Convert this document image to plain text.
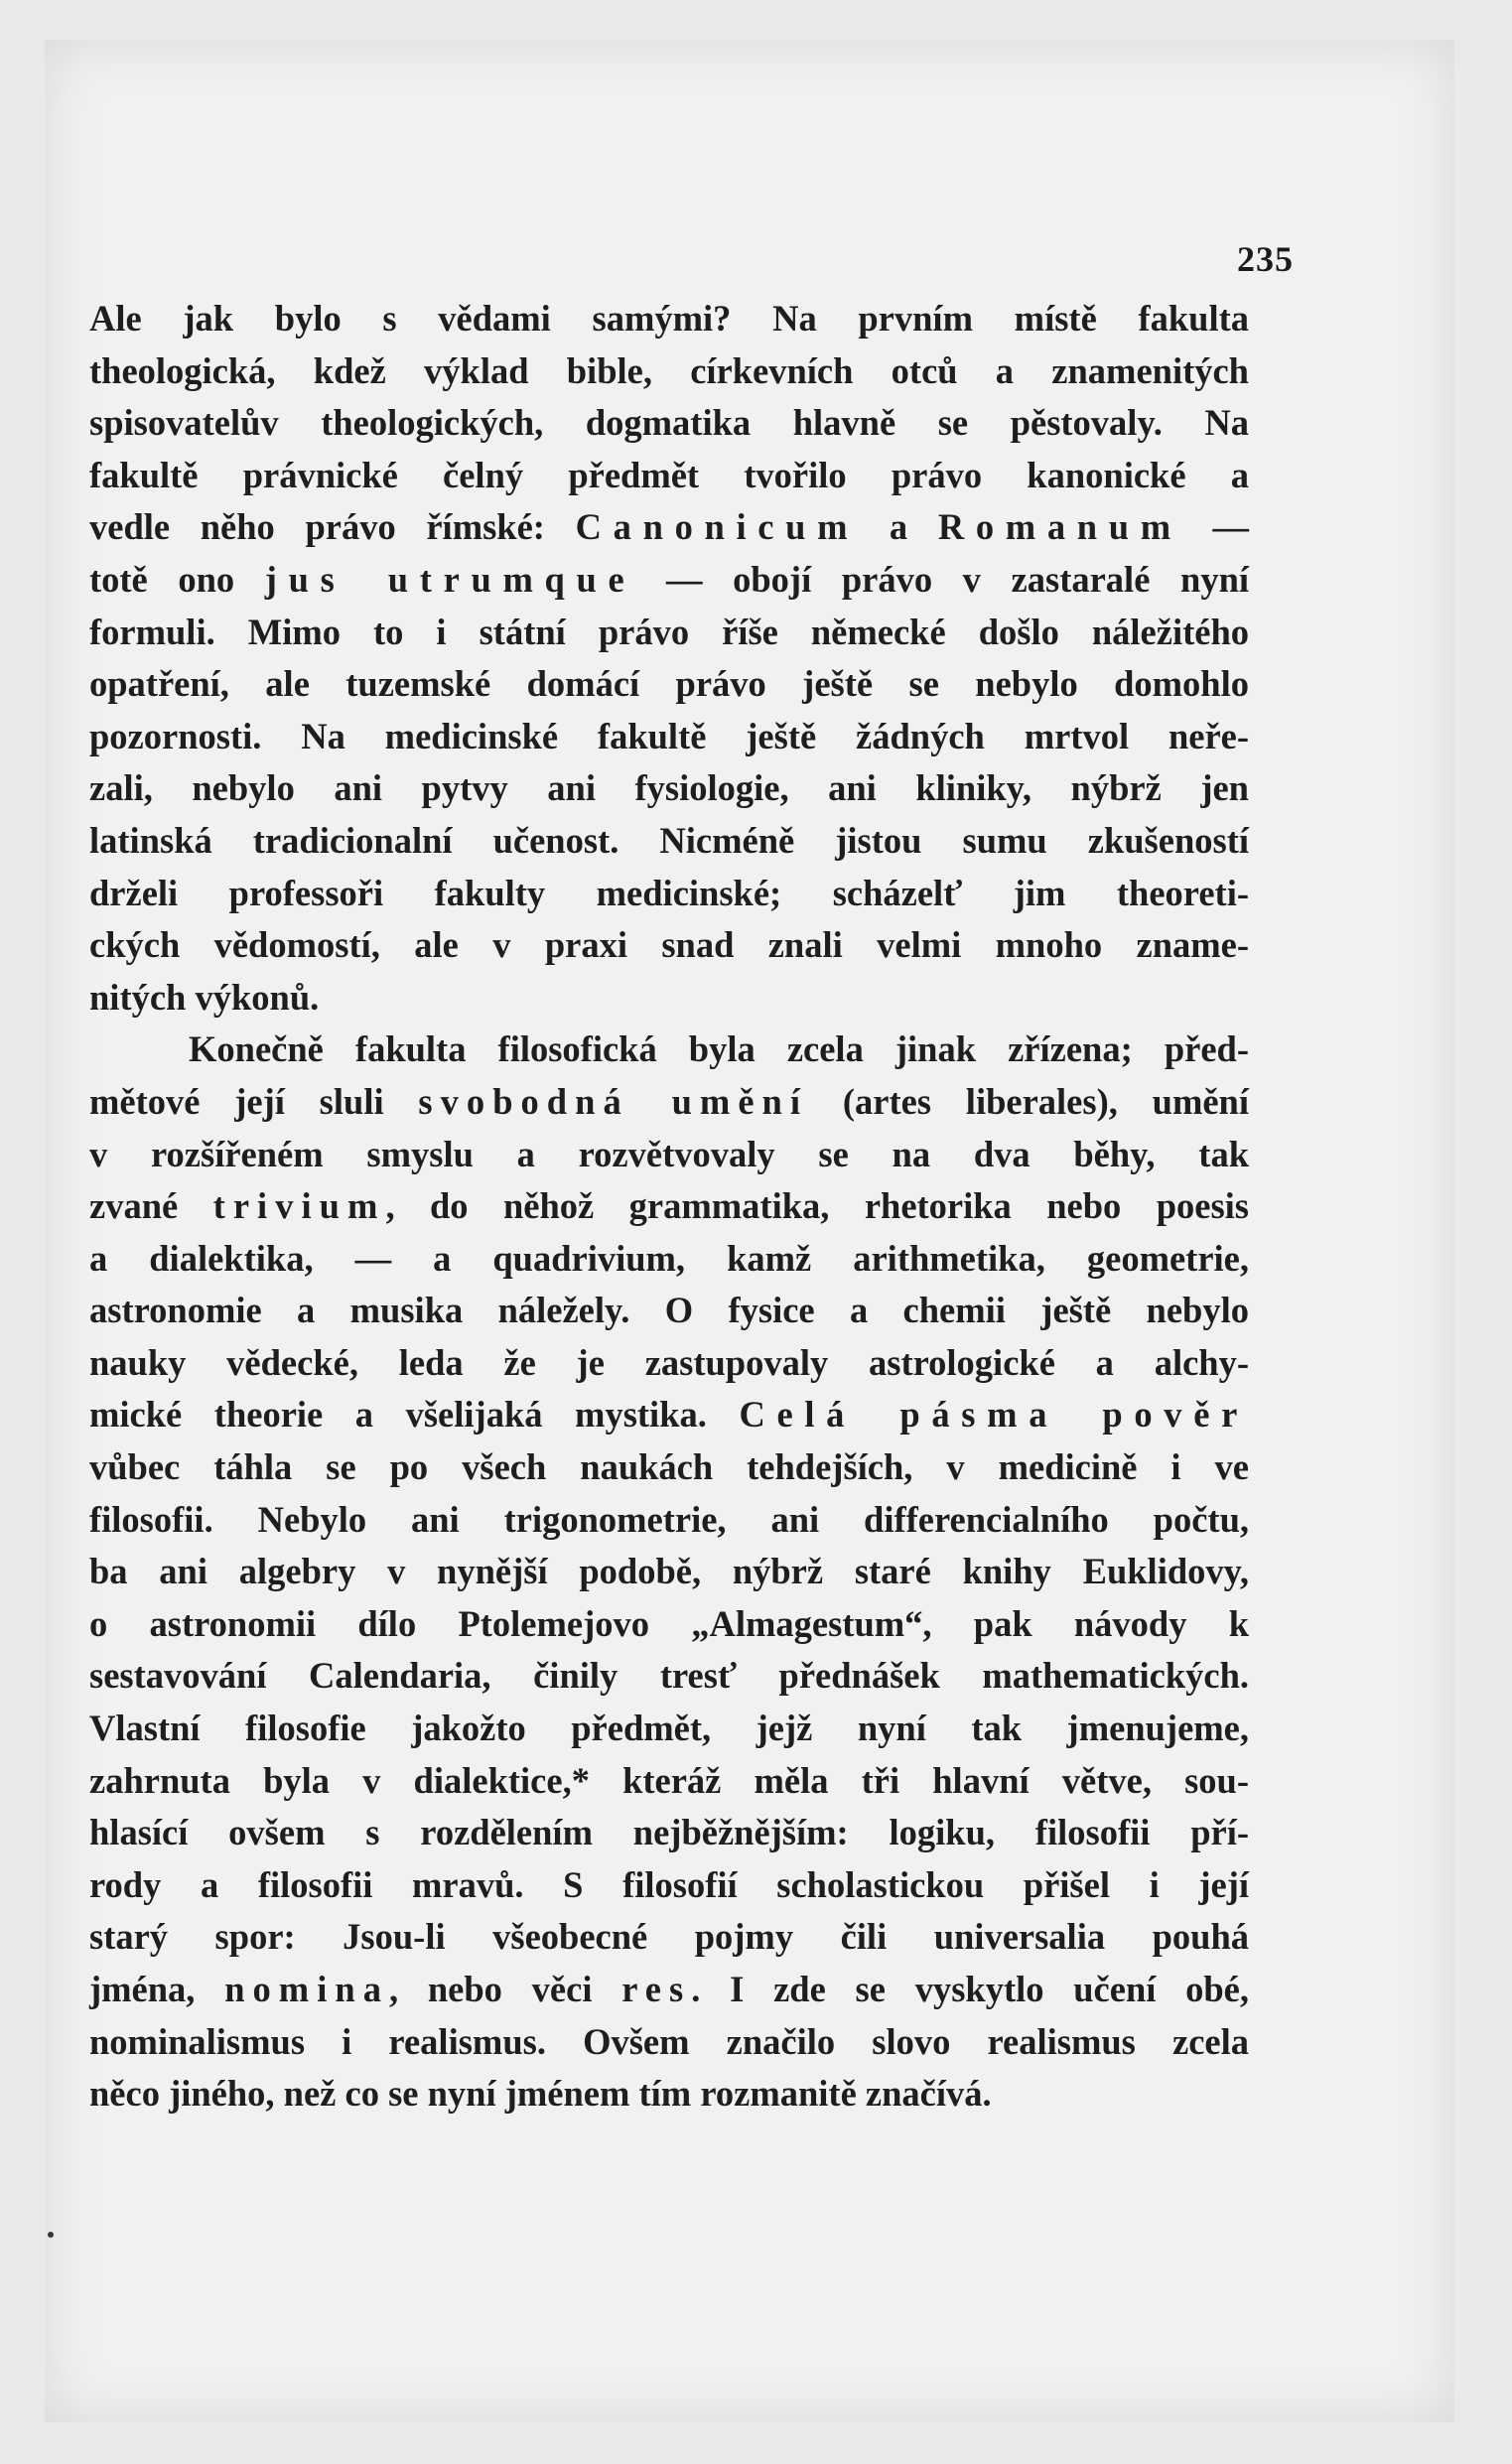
235
Ale jak bylo s vědami samými? Na prvním místě fakulta
theologická, kdež výklad bible, církevních otců a znamenitých
spisovatelův theologických, dogmatika hlavně se pěstovaly. Na
fakultě právnické čelný předmět tvořilo právo kanonické a
vedle něho právo římské: Canonicum a Romanum —
totě ono jus utrumque — obojí právo v zastaralé nyní
formuli. Mimo to i státní právo říše německé došlo náležitého
opatření, ale tuzemské domácí právo ještě se nebylo domohlo
pozornosti. Na medicinské fakultě ještě žádných mrtvol neře-
zali, nebylo ani pytvy ani fysiologie, ani kliniky, nýbrž jen
latinská tradicionalní učenost. Nicméně jistou sumu zkušeností
drželi professoři fakulty medicinské; scházelť jim theoreti-
ckých vědomostí, ale v praxi snad znali velmi mnoho zname-
nitých výkonů.
Konečně fakulta filosofická byla zcela jinak zřízena; před-
mětové její sluli svobodná umění (artes liberales), umění
v rozšířeném smyslu a rozvětvovaly se na dva běhy, tak
zvané trivium, do něhož grammatika, rhetorika nebo poesis
a dialektika, — a quadrivium, kamž arithmetika, geometrie,
astronomie a musika náležely. O fysice a chemii ještě nebylo
nauky vědecké, leda že je zastupovaly astrologické a alchy-
mické theorie a všelijaká mystika. Celá pásma pověr
vůbec táhla se po všech naukách tehdejších, v medicině i ve
filosofii. Nebylo ani trigonometrie, ani differencialního počtu,
ba ani algebry v nynější podobě, nýbrž staré knihy Euklidovy,
o astronomii dílo Ptolemejovo „Almagestum“, pak návody k
sestavování Calendaria, činily tresť přednášek mathematických.
Vlastní filosofie jakožto předmět, jejž nyní tak jmenujeme,
zahrnuta byla v dialektice,* kteráž měla tři hlavní větve, sou-
hlasící ovšem s rozdělením nejběžnějším: logiku, filosofii pří-
rody a filosofii mravů. S filosofií scholastickou přišel i její
starý spor: Jsou-li všeobecné pojmy čili universalia pouhá
jména, nomina, nebo věci res. I zde se vyskytlo učení obé,
nominalismus i realismus. Ovšem značilo slovo realismus zcela
něco jiného, než co se nyní jménem tím rozmanitě značívá.
